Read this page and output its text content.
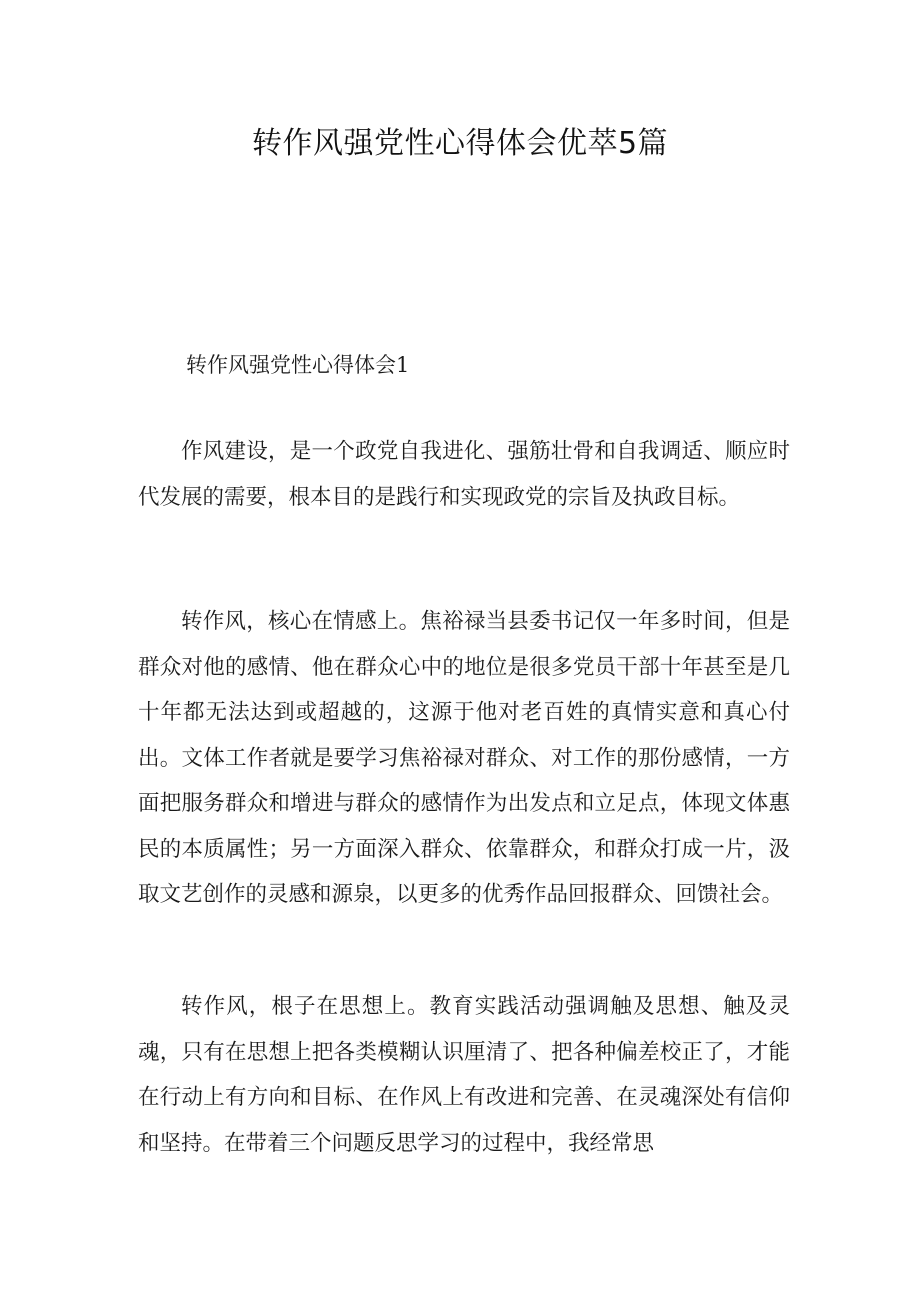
转作风强党性心得体会优萃5篇
转作风强党性心得体会1

作风建设，是一个政党自我进化、强筋壮骨和自我调适、顺应时代发展的需要，根本目的是践行和实现政党的宗旨及执政目标。

转作风，核心在情感上。焦裕禄当县委书记仅一年多时间，但是群众对他的感情、他在群众心中的地位是很多党员干部十年甚至是几十年都无法达到或超越的，这源于他对老百姓的真情实意和真心付出。文体工作者就是要学习焦裕禄对群众、对工作的那份感情，一方面把服务群众和增进与群众的感情作为出发点和立足点，体现文体惠民的本质属性；另一方面深入群众、依靠群众，和群众打成一片，汲取文艺创作的灵感和源泉，以更多的优秀作品回报群众、回馈社会。

转作风，根子在思想上。教育实践活动强调触及思想、触及灵魂，只有在思想上把各类模糊认识厘清了、把各种偏差校正了，才能在行动上有方向和目标、在作风上有改进和完善、在灵魂深处有信仰和坚持。在带着三个问题反思学习的过程中，我经常思
